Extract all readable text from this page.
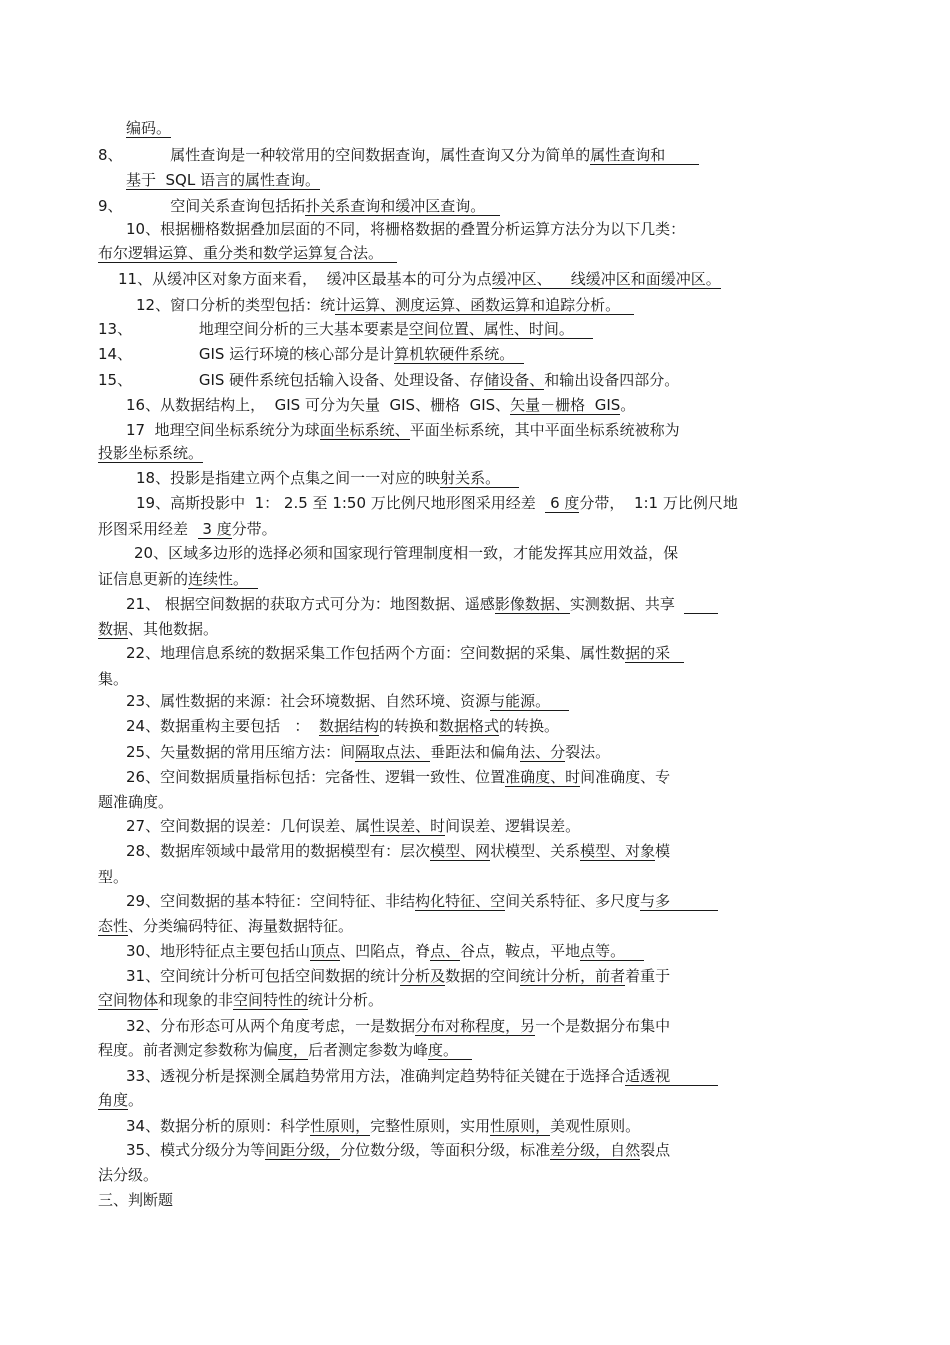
编码。
8、          属性查询是一种较常用的空间数据查询，属性查询又分为简单的属性查询和
基于  SQL 语言的属性查询。
9、          空间关系查询包括拓扑关系查询和缓冲区查询。
10、根据栅格数据叠加层面的不同，将栅格数据的叠置分析运算方法分为以下几类：
布尔逻辑运算、重分类和数学运算复合法。
11、从缓冲区对象方面来看，  缓冲区最基本的可分为点缓冲区、    线缓冲区和面缓冲区。
12、窗口分析的类型包括：统计运算、测度运算、函数运算和追踪分析。
13、              地理空间分析的三大基本要素是空间位置、属性、时间。
14、              GIS 运行环境的核心部分是计算机软硬件系统。
15、              GIS 硬件系统包括输入设备、处理设备、存储设备、和输出设备四部分。
16、从数据结构上，  GIS 可分为矢量  GIS、栅格  GIS、矢量－栅格  GIS。
17  地理空间坐标系统分为球面坐标系统、平面坐标系统，其中平面坐标系统被称为
投影坐标系统。
18、投影是指建立两个点集之间一一对应的映射关系。
19、高斯投影中  1： 2.5 至 1:50 万比例尺地形图采用经差   6 度分带，  1:1 万比例尺地
形图采用经差   3 度分带。
20、区域多边形的选择必须和国家现行管理制度相一致，才能发挥其应用效益，保
证信息更新的连续性。
21、 根据空间数据的获取方式可分为：地图数据、遥感影像数据、实测数据、共享
数据、其他数据。
22、地理信息系统的数据采集工作包括两个方面：空间数据的采集、属性数据的采
集。
23、属性数据的来源：社会环境数据、自然环境、资源与能源。
24、数据重构主要包括   ：  数据结构的转换和数据格式的转换。
25、矢量数据的常用压缩方法：间隔取点法、垂距法和偏角法、分裂法。
26、空间数据质量指标包括：完备性、逻辑一致性、位置准确度、时间准确度、专
题准确度。
27、空间数据的误差：几何误差、属性误差、时间误差、逻辑误差。
28、数据库领域中最常用的数据模型有：层次模型、网状模型、关系模型、对象模
型。
29、空间数据的基本特征：空间特征、非结构化特征、空间关系特征、多尺度与多
态性、分类编码特征、海量数据特征。
30、地形特征点主要包括山顶点、凹陷点，脊点、谷点，鞍点，平地点等。
31、空间统计分析可包括空间数据的统计分析及数据的空间统计分析，前者着重于
空间物体和现象的非空间特性的统计分析。
32、分布形态可从两个角度考虑，一是数据分布对称程度，另一个是数据分布集中
程度。前者测定参数称为偏度，后者测定参数为峰度。
33、透视分析是探测全属趋势常用方法，准确判定趋势特征关键在于选择合适透视
角度。
34、数据分析的原则：科学性原则，完整性原则，实用性原则，美观性原则。
35、模式分级分为等间距分级，分位数分级，等面积分级，标准差分级，自然裂点
法分级。
三、判断题
